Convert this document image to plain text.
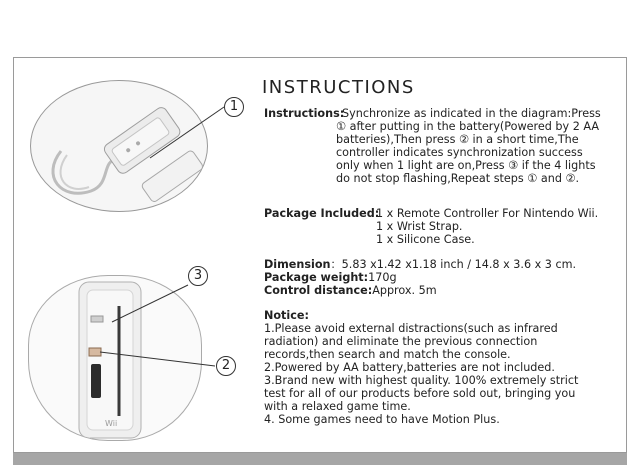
Wii
1
3
2
INSTRUCTIONS
Instructions:
Synchronize as indicated in the diagram:Press
① after putting in the battery(Powered by 2 AA
batteries),Then press ② in a short time,The
controller indicates synchronization success
only when 1 light are on,Press ③ if the 4 lights
do not stop flashing,Repeat steps ① and ②.
Package Included:
1 x Remote Controller For Nintendo Wii.
1 x Wrist Strap.
1 x Silicone Case.
Dimension：5.83 x1.42 x1.18 inch / 14.8 x 3.6 x 3 cm.
Package weight:170g
Control distance:Approx. 5m
Notice:
1.Please avoid external distractions(such as infrared
radiation) and eliminate the previous connection
records,then search and match the console.
2.Powered by AA battery,batteries are not included.
3.Brand new with highest quality. 100% extremely strict
test for all of our products before sold out, bringing you
with a relaxed game time.
4. Some games need to have Motion Plus.
